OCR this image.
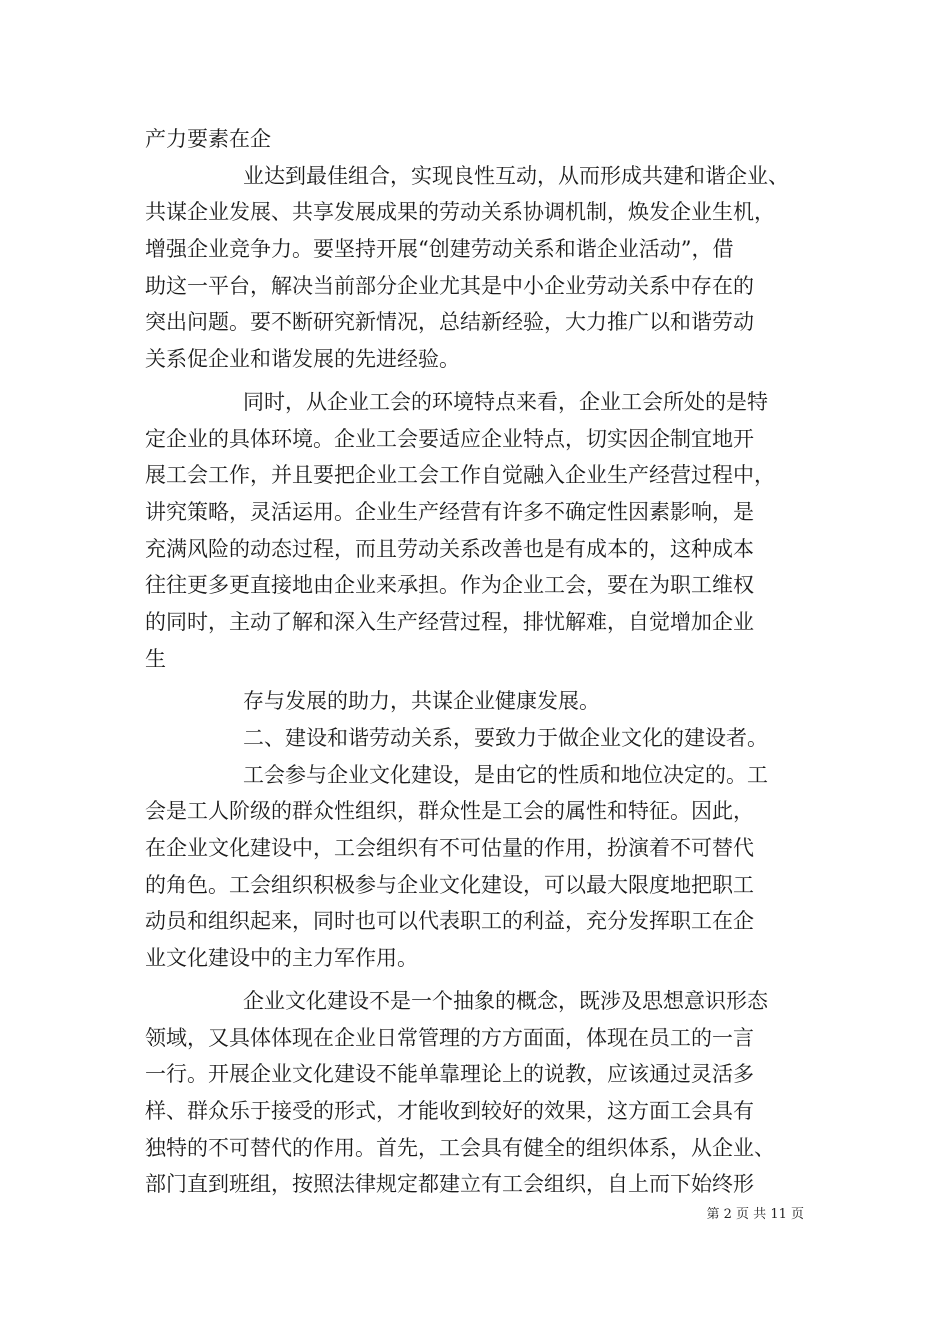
产力要素在企
业达到最佳组合，实现良性互动，从而形成共建和谐企业、
共谋企业发展、共享发展成果的劳动关系协调机制，焕发企业生机，
增强企业竞争力。要坚持开展“创建劳动关系和谐企业活动”，借
助这一平台，解决当前部分企业尤其是中小企业劳动关系中存在的
突出问题。要不断研究新情况，总结新经验，大力推广以和谐劳动
关系促企业和谐发展的先进经验。
同时，从企业工会的环境特点来看，企业工会所处的是特
定企业的具体环境。企业工会要适应企业特点，切实因企制宜地开
展工会工作，并且要把企业工会工作自觉融入企业生产经营过程中，
讲究策略，灵活运用。企业生产经营有许多不确定性因素影响，是
充满风险的动态过程，而且劳动关系改善也是有成本的，这种成本
往往更多更直接地由企业来承担。作为企业工会，要在为职工维权
的同时，主动了解和深入生产经营过程，排忧解难，自觉增加企业
生
存与发展的助力，共谋企业健康发展。
二、建设和谐劳动关系，要致力于做企业文化的建设者。
工会参与企业文化建设，是由它的性质和地位决定的。工
会是工人阶级的群众性组织，群众性是工会的属性和特征。因此，
在企业文化建设中，工会组织有不可估量的作用，扮演着不可替代
的角色。工会组织积极参与企业文化建设，可以最大限度地把职工
动员和组织起来，同时也可以代表职工的利益，充分发挥职工在企
业文化建设中的主力军作用。
企业文化建设不是一个抽象的概念，既涉及思想意识形态
领域，又具体体现在企业日常管理的方方面面，体现在员工的一言
一行。开展企业文化建设不能单靠理论上的说教，应该通过灵活多
样、群众乐于接受的形式，才能收到较好的效果，这方面工会具有
独特的不可替代的作用。首先，工会具有健全的组织体系，从企业、
部门直到班组，按照法律规定都建立有工会组织，自上而下始终形
第 2 页 共 11 页
